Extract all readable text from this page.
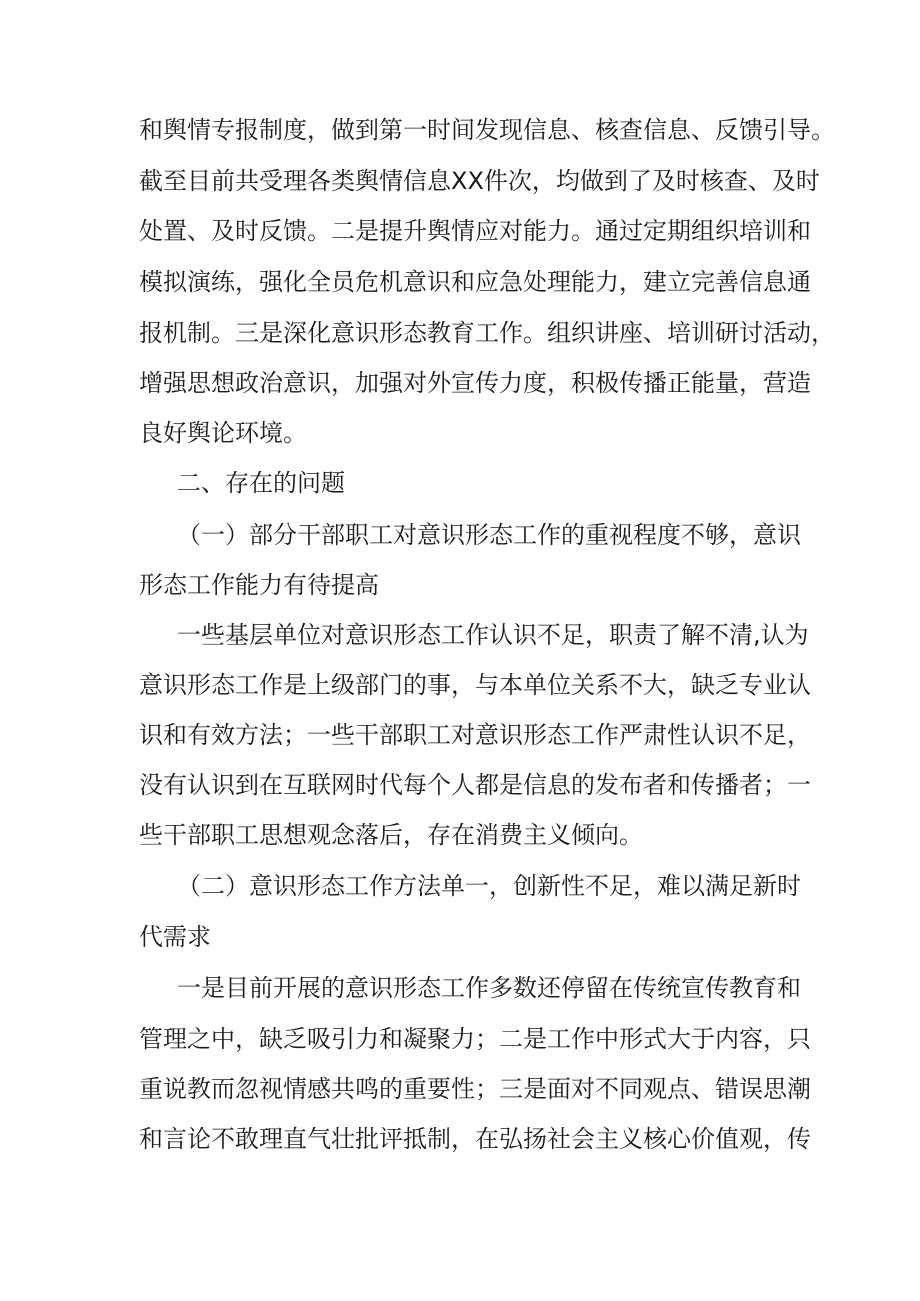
和舆情专报制度，做到第一时间发现信息、核查信息、反馈引导。
截至目前共受理各类舆情信息XX件次，均做到了及时核查、及时
处置、及时反馈。二是提升舆情应对能力。通过定期组织培训和
模拟演练，强化全员危机意识和应急处理能力，建立完善信息通
报机制。三是深化意识形态教育工作。组织讲座、培训研讨活动，
增强思想政治意识，加强对外宣传力度，积极传播正能量，营造
良好舆论环境。
二、存在的问题
（一）部分干部职工对意识形态工作的重视程度不够，意识
形态工作能力有待提高
一些基层单位对意识形态工作认识不足，职责了解不清,认为
意识形态工作是上级部门的事，与本单位关系不大，缺乏专业认
识和有效方法；一些干部职工对意识形态工作严肃性认识不足，
没有认识到在互联网时代每个人都是信息的发布者和传播者；一
些干部职工思想观念落后，存在消费主义倾向。
（二）意识形态工作方法单一，创新性不足，难以满足新时
代需求
一是目前开展的意识形态工作多数还停留在传统宣传教育和
管理之中，缺乏吸引力和凝聚力；二是工作中形式大于内容，只
重说教而忽视情感共鸣的重要性；三是面对不同观点、错误思潮
和言论不敢理直气壮批评抵制，在弘扬社会主义核心价值观，传
